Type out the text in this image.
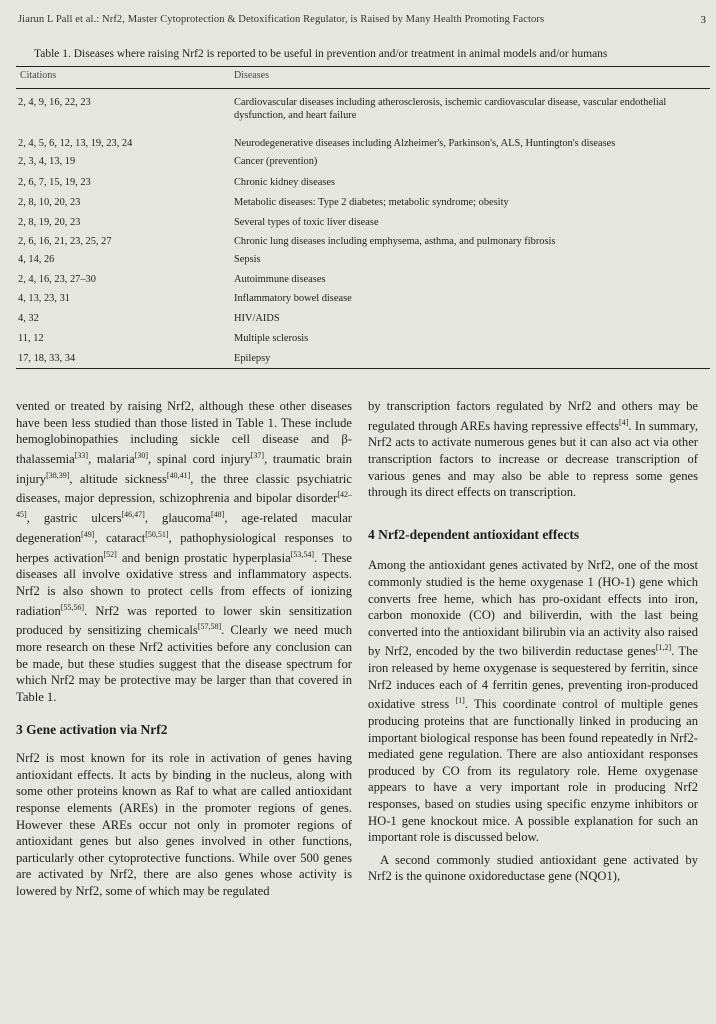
Jiarun L Pall et al.: Nrf2, Master Cytoprotection & Detoxification Regulator, is Raised by Many Health Promoting Factors	3
Table 1. Diseases where raising Nrf2 is reported to be useful in prevention and/or treatment in animal models and/or humans
Citations	Diseases
2, 4, 9, 16, 22, 23	Cardiovascular diseases including atherosclerosis, ischemic cardiovascular disease, vascular endothelial dysfunction, and heart failure
2, 4, 5, 6, 12, 13, 19, 23, 24	Neurodegenerative diseases including Alzheimer's, Parkinson's, ALS, Huntington's diseases
2, 3, 4, 13, 19	Cancer (prevention)
2, 6, 7, 15, 19, 23	Chronic kidney diseases
2, 8, 10, 20, 23	Metabolic diseases: Type 2 diabetes; metabolic syndrome; obesity
2, 8, 19, 20, 23	Several types of toxic liver disease
2, 6, 16, 21, 23, 25, 27	Chronic lung diseases including emphysema, asthma, and pulmonary fibrosis
4, 14, 26	Sepsis
2, 4, 16, 23, 27–30	Autoimmune diseases
4, 13, 23, 31	Inflammatory bowel disease
4, 32	HIV/AIDS
11, 12	Multiple sclerosis
17, 18, 33, 34	Epilepsy

vented or treated by raising Nrf2, although these other diseases have been less studied than those listed in Table 1. These include hemoglobinopathies including sickle cell disease and β-thalassemia[33], malaria[30], spinal cord injury[37], traumatic brain injury[38,39], altitude sickness[40,41], the three classic psychiatric diseases, major depression, schizophrenia and bipolar disorder[42–45], gastric ulcers[46,47], glaucoma[48], age-related macular degeneration[49], cataract[50,51], pathophysiological responses to herpes activation[52] and benign prostatic hyperplasia[53,54]. These diseases all involve oxidative stress and inflammatory aspects. Nrf2 is also shown to protect cells from effects of ionizing radiation[55,56]. Nrf2 was reported to lower skin sensitization produced by sensitizing chemicals[57,58]. Clearly we need much more research on these Nrf2 activities before any conclusion can be made, but these studies suggest that the disease spectrum for which Nrf2 may be protective may be larger than that covered in Table 1.

3 Gene activation via Nrf2

Nrf2 is most known for its role in activation of genes having antioxidant effects. It acts by binding in the nucleus, along with some other proteins known as Raf to what are called antioxidant response elements (AREs) in the promoter regions of genes. However these AREs occur not only in promoter regions of antioxidant genes but also genes involved in other functions, particularly other cytoprotective functions. While over 500 genes are activated by Nrf2, there are also genes whose activity is lowered by Nrf2, some of which may be regulated

by transcription factors regulated by Nrf2 and others may be regulated through AREs having repressive effects[4]. In summary, Nrf2 acts to activate numerous genes but it can also act via other transcription factors to increase or decrease transcription of various genes and may also be able to repress some genes through its direct effects on transcription.

4 Nrf2-dependent antioxidant effects

Among the antioxidant genes activated by Nrf2, one of the most commonly studied is the heme oxygenase 1 (HO-1) gene which converts free heme, which has pro-oxidant effects into iron, carbon monoxide (CO) and biliverdin, with the last being converted into the antioxidant bilirubin via an activity also raised by Nrf2, encoded by the two biliverdin reductase genes[1,2]. The iron released by heme oxygenase is sequestered by ferritin, since Nrf2 induces each of 4 ferritin genes, preventing iron-produced oxidative stress [1]. This coordinate control of multiple genes producing proteins that are functionally linked in producing an important biological response has been found repeatedly in Nrf2-mediated gene regulation. There are also antioxidant responses produced by CO from its regulatory role. Heme oxygenase appears to have a very important role in producing Nrf2 responses, based on studies using specific enzyme inhibitors or HO-1 gene knockout mice. A possible explanation for such an important role is discussed below.

A second commonly studied antioxidant gene activated by Nrf2 is the quinone oxidoreductase gene (NQO1),
